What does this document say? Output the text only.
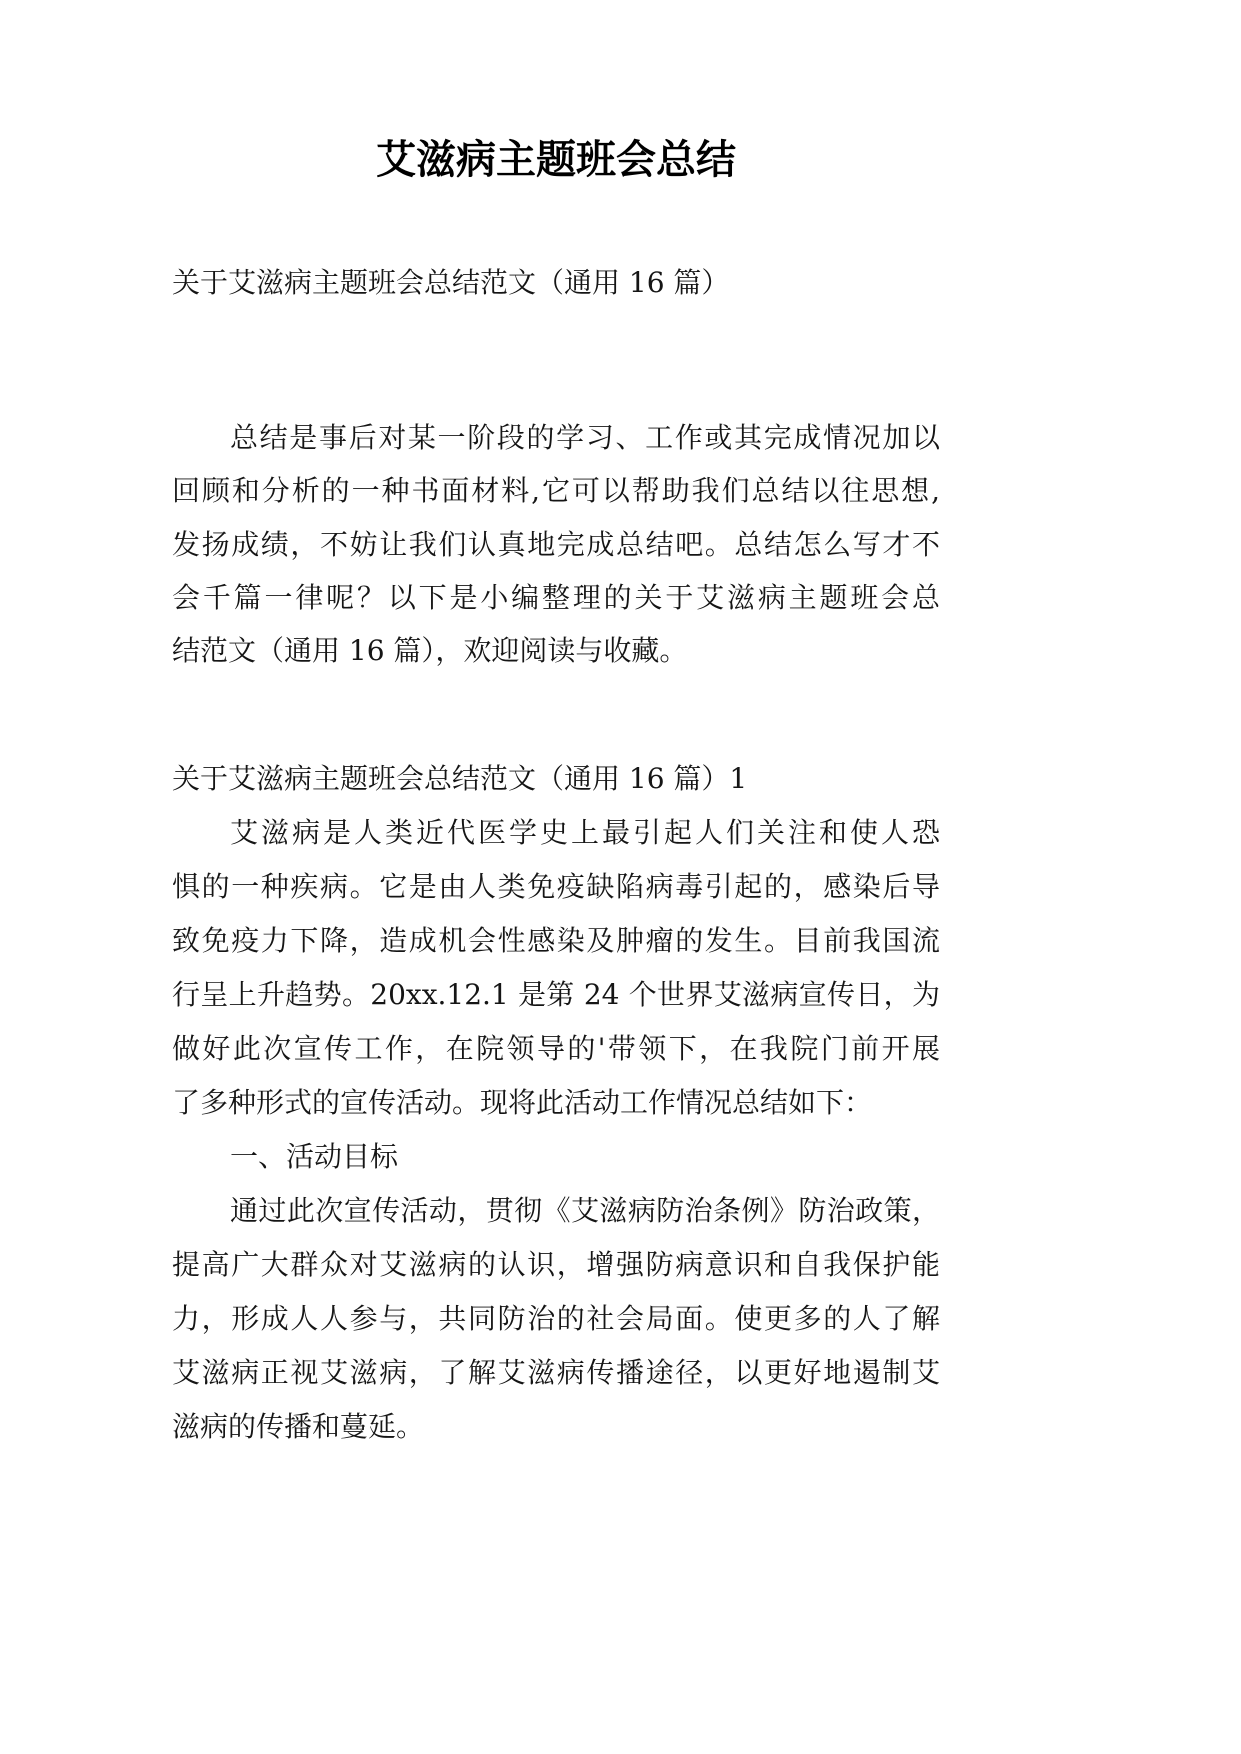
艾滋病主题班会总结
关于艾滋病主题班会总结范文（通用 16 篇）
总结是事后对某一阶段的学习、工作或其完成情况加以
回顾和分析的一种书面材料,它可以帮助我们总结以往思想,
发扬成绩，不妨让我们认真地完成总结吧。总结怎么写才不
会千篇一律呢？以下是小编整理的关于艾滋病主题班会总
结范文（通用 16 篇），欢迎阅读与收藏。
关于艾滋病主题班会总结范文（通用 16 篇）1
艾滋病是人类近代医学史上最引起人们关注和使人恐
惧的一种疾病。它是由人类免疫缺陷病毒引起的，感染后导
致免疫力下降，造成机会性感染及肿瘤的发生。目前我国流
行呈上升趋势。20xx.12.1 是第 24 个世界艾滋病宣传日，为
做好此次宣传工作，在院领导的'带领下，在我院门前开展
了多种形式的宣传活动。现将此活动工作情况总结如下：
一、活动目标
通过此次宣传活动，贯彻《艾滋病防治条例》防治政策，
提高广大群众对艾滋病的认识，增强防病意识和自我保护能
力，形成人人参与，共同防治的社会局面。使更多的人了解
艾滋病正视艾滋病，了解艾滋病传播途径，以更好地遏制艾
滋病的传播和蔓延。
